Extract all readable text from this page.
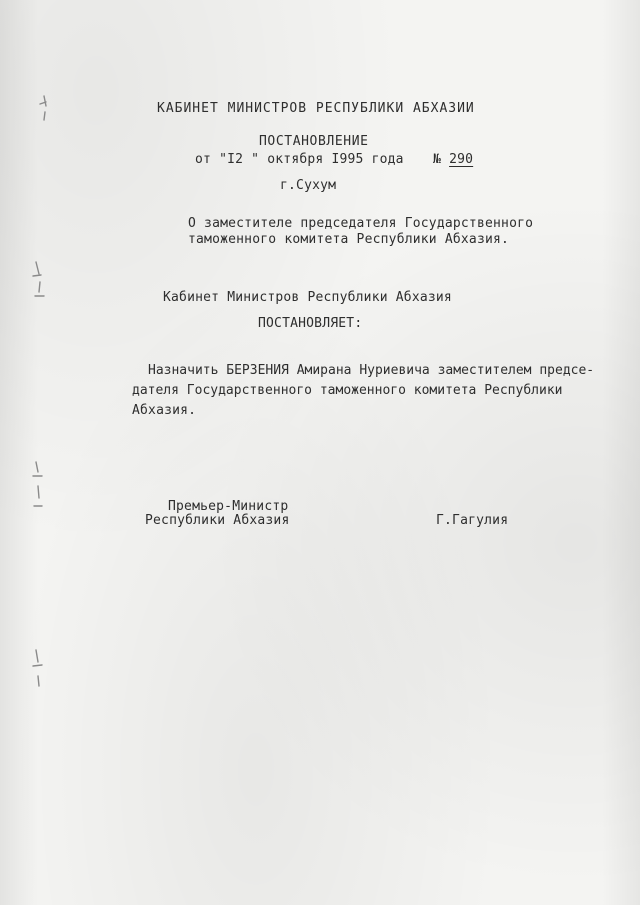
КАБИНЕТ МИНИСТРОВ РЕСПУБЛИКИ АБХАЗИИ

ПОСТАНОВЛЕНИЕ

от "I2 " октября I995 года № 290

г.Сухум

О заместителе председателя Государственного

таможенного комитета Республики Абхазия.

Кабинет Министров Республики Абхазия

ПОСТАНОВЛЯЕТ:

Назначить БЕРЗЕНИЯ Амирана Нуриевича заместителем предсе-

дателя Государственного таможенного комитета Республики

Абхазия.

Премьер-Министр

Республики Абхазия	Г.Гагулия
